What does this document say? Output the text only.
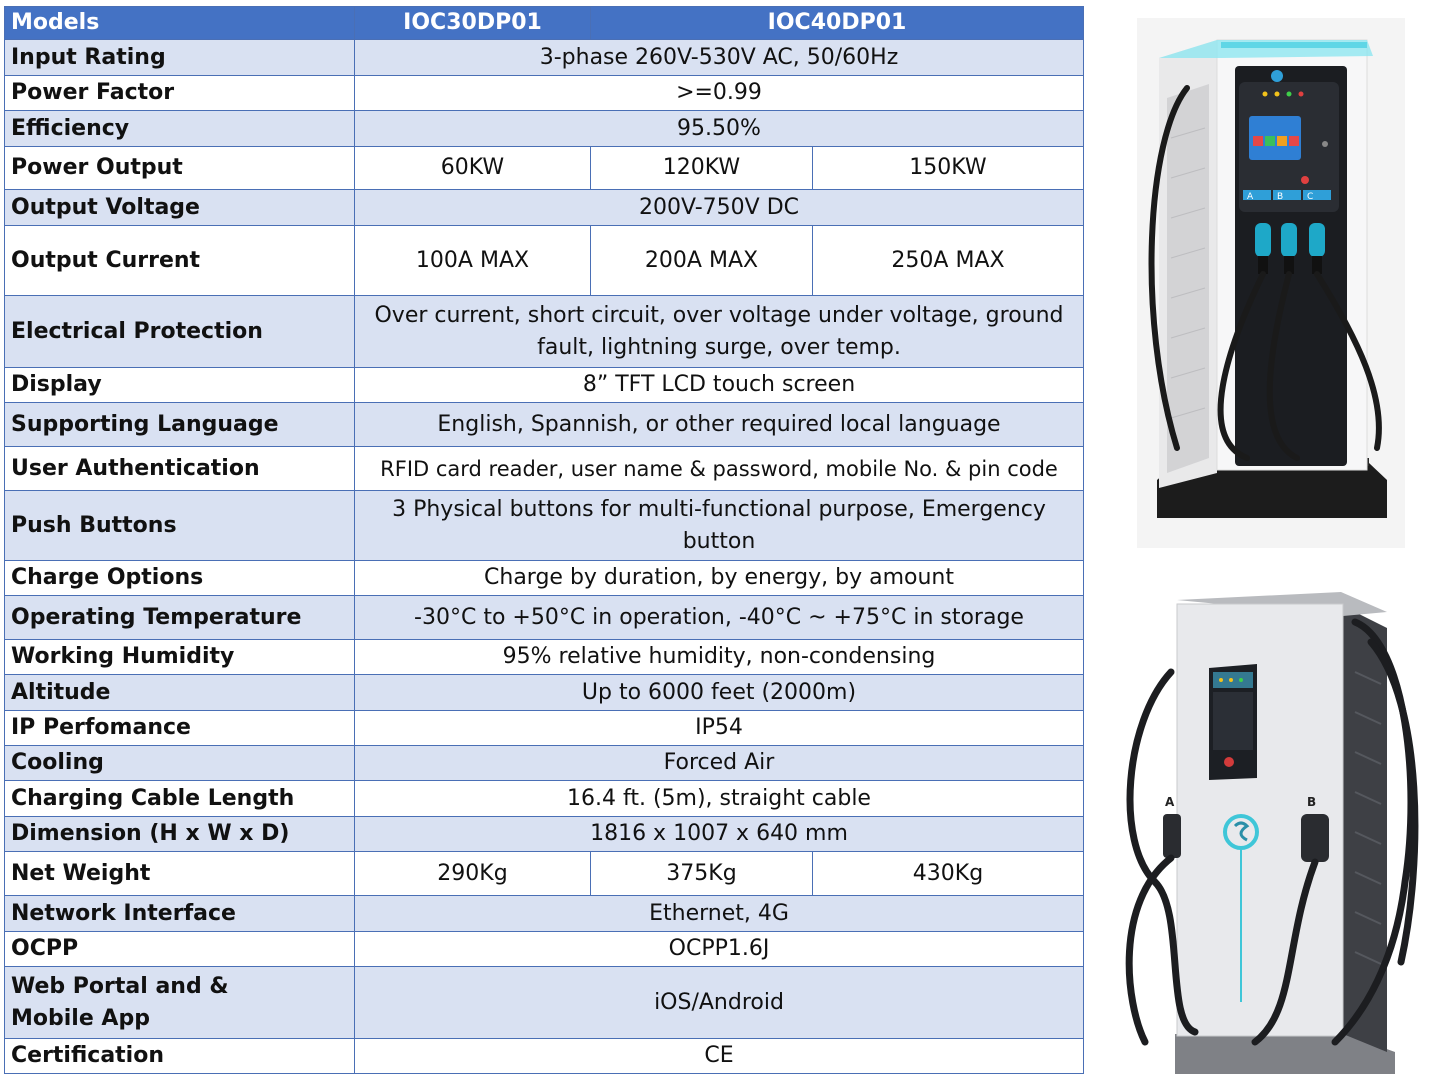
Models	IOC30DP01	IOC40DP01	
Input Rating	3-phase 260V-530V AC, 50/60Hz		
Power Factor	>=0.99		
Efficiency	95.50%		
Power Output	60KW	120KW	150KW
Output Voltage	200V-750V DC		
Output Current	100A MAX	200A MAX	250A MAX
Electrical Protection	Over current, short circuit, over voltage under voltage, ground fault, lightning surge, over temp.		
Display	8” TFT LCD touch screen		
Supporting Language	English, Spannish, or other required local language		
User Authentication	RFID card reader, user name & password, mobile No. & pin code		
Push Buttons	3 Physical buttons for multi-functional purpose, Emergency button		
Charge Options	Charge by duration, by energy, by amount		
Operating Temperature	-30°C to +50°C in operation, -40°C ~ +75°C in storage		
Working Humidity	95% relative humidity, non-condensing		
Altitude	Up to 6000 feet (2000m)		
IP Perfomance	IP54		
Cooling	Forced Air		
Charging Cable Length	16.4 ft. (5m), straight cable		
Dimension (H x W x D)	1816 x 1007 x 640 mm		
Net Weight	290Kg	375Kg	430Kg
Network Interface	Ethernet, 4G		
OCPP	OCPP1.6J		
Web Portal and & Mobile App	iOS/Android		
Certification	CE		
A	B	C
A	B
